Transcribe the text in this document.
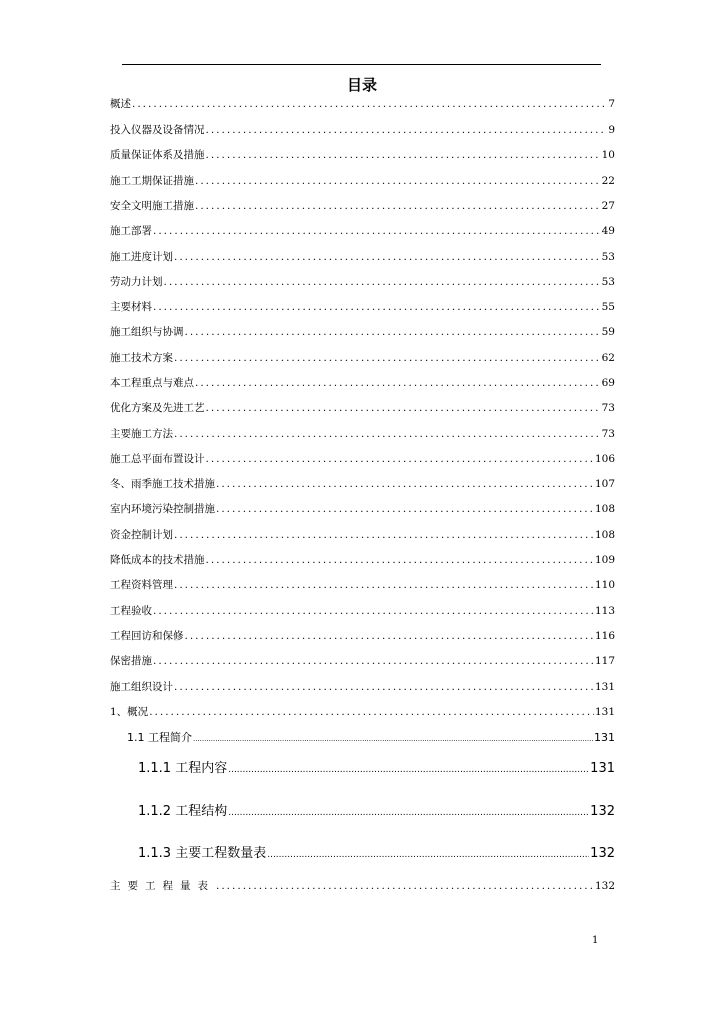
目录
概述 .....	7
投入仪器及设备情况 .....	9
质量保证体系及措施 .....	10
施工工期保证措施 .....	22
安全文明施工措施 .....	27
施工部署 .....	49
施工进度计划 .....	53
劳动力计划 .....	53
主要材料 .....	55
施工组织与协调 .....	59
施工技术方案 .....	62
本工程重点与难点 .....	69
优化方案及先进工艺 .....	73
主要施工方法 .....	73
施工总平面布置设计 .....	106
冬、雨季施工技术措施 .....	107
室内环境污染控制措施 .....	108
资金控制计划 .....	108
降低成本的技术措施 .....	109
工程资料管理 .....	110
工程验收 .....	113
工程回访和保修 .....	116
保密措施 .....	117
施工组织设计 .....	131
1、概况 .....	131
1.1 工程简介 .....	131
1.1.1 工程内容 .....	131
1.1.2 工程结构 .....	132
1.1.3 主要工程数量表 .....	132
主要工程量表 .....	132
1
